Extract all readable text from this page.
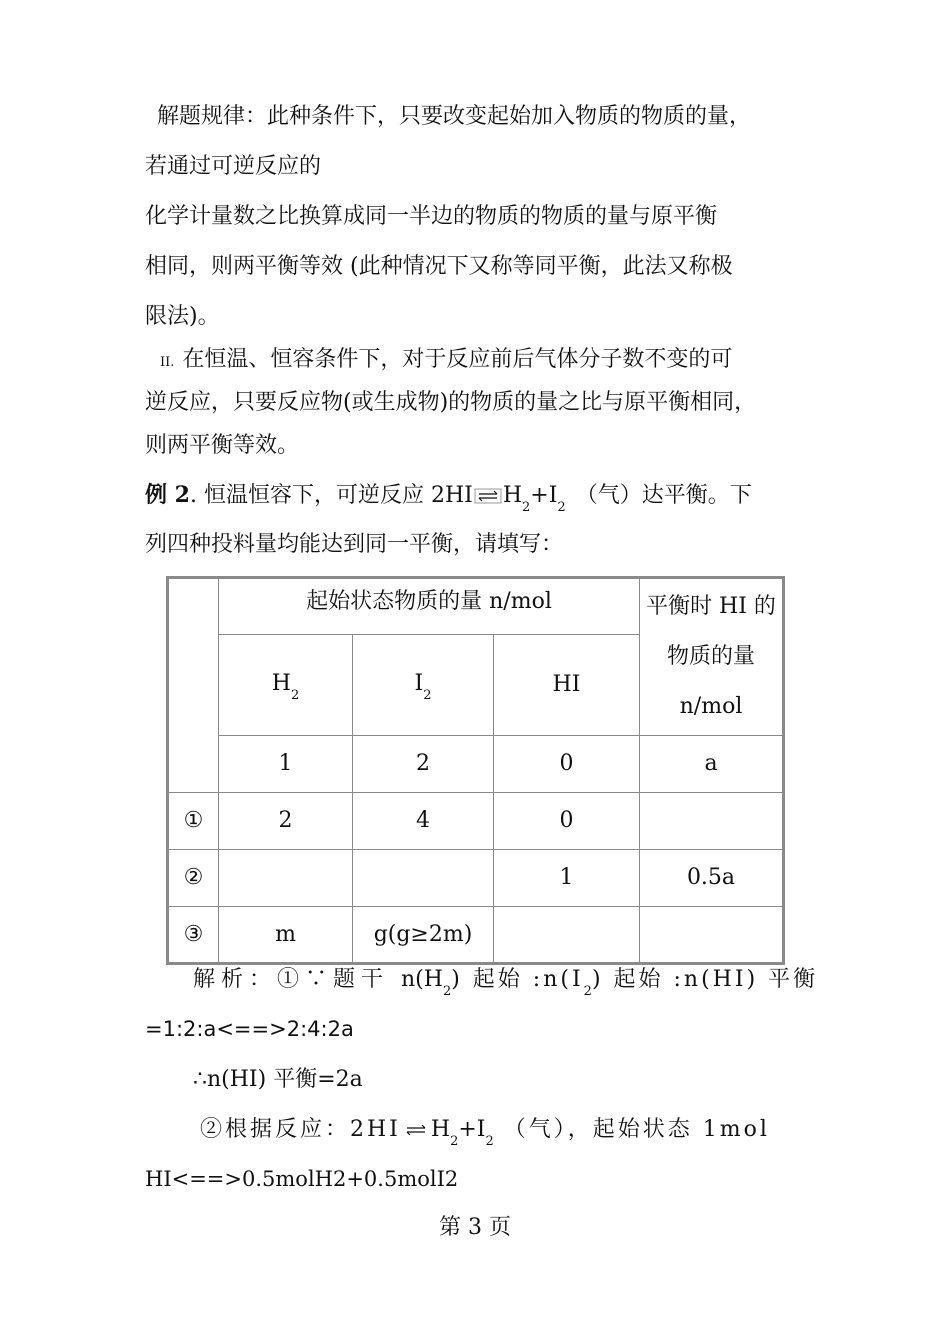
解题规律：此种条件下，只要改变起始加入物质的物质的量，
若通过可逆反应的
化学计量数之比换算成同一半边的物质的物质的量与原平衡
相同，则两平衡等效 (此种情况下又称等同平衡，此法又称极
限法)。
II. 在恒温、恒容条件下，对于反应前后气体分子数不变的可
逆反应，只要反应物(或生成物)的物质的量之比与原平衡相同，
则两平衡等效。
例 2. 恒温恒容下，可逆反应 2HI $H_2+I_2$ （气）达平衡。下
列四种投料量均能达到同一平衡，请填写：
	起始状态物质的量 n/mol			平衡时 HI 的
物质的量
n/mol

	$H_2$	$I_2$	HI	
	1	2	0	a
①	2	4	0	
②			1	0.5a
③	m	g(g≥2m)		
解析：①∵题干 $n(H_2)$ 起始 $:n(I_2)$ 起始 :n(HI) 平衡
=1:2:a<==>2:4:2a
∴n(HI) 平衡=2a
②根据反应：$2HI\rightleftharpoons H_2+I_2$ （气），起始状态 1mol
HI<==>0.5molH2+0.5molI2
第 3 页
